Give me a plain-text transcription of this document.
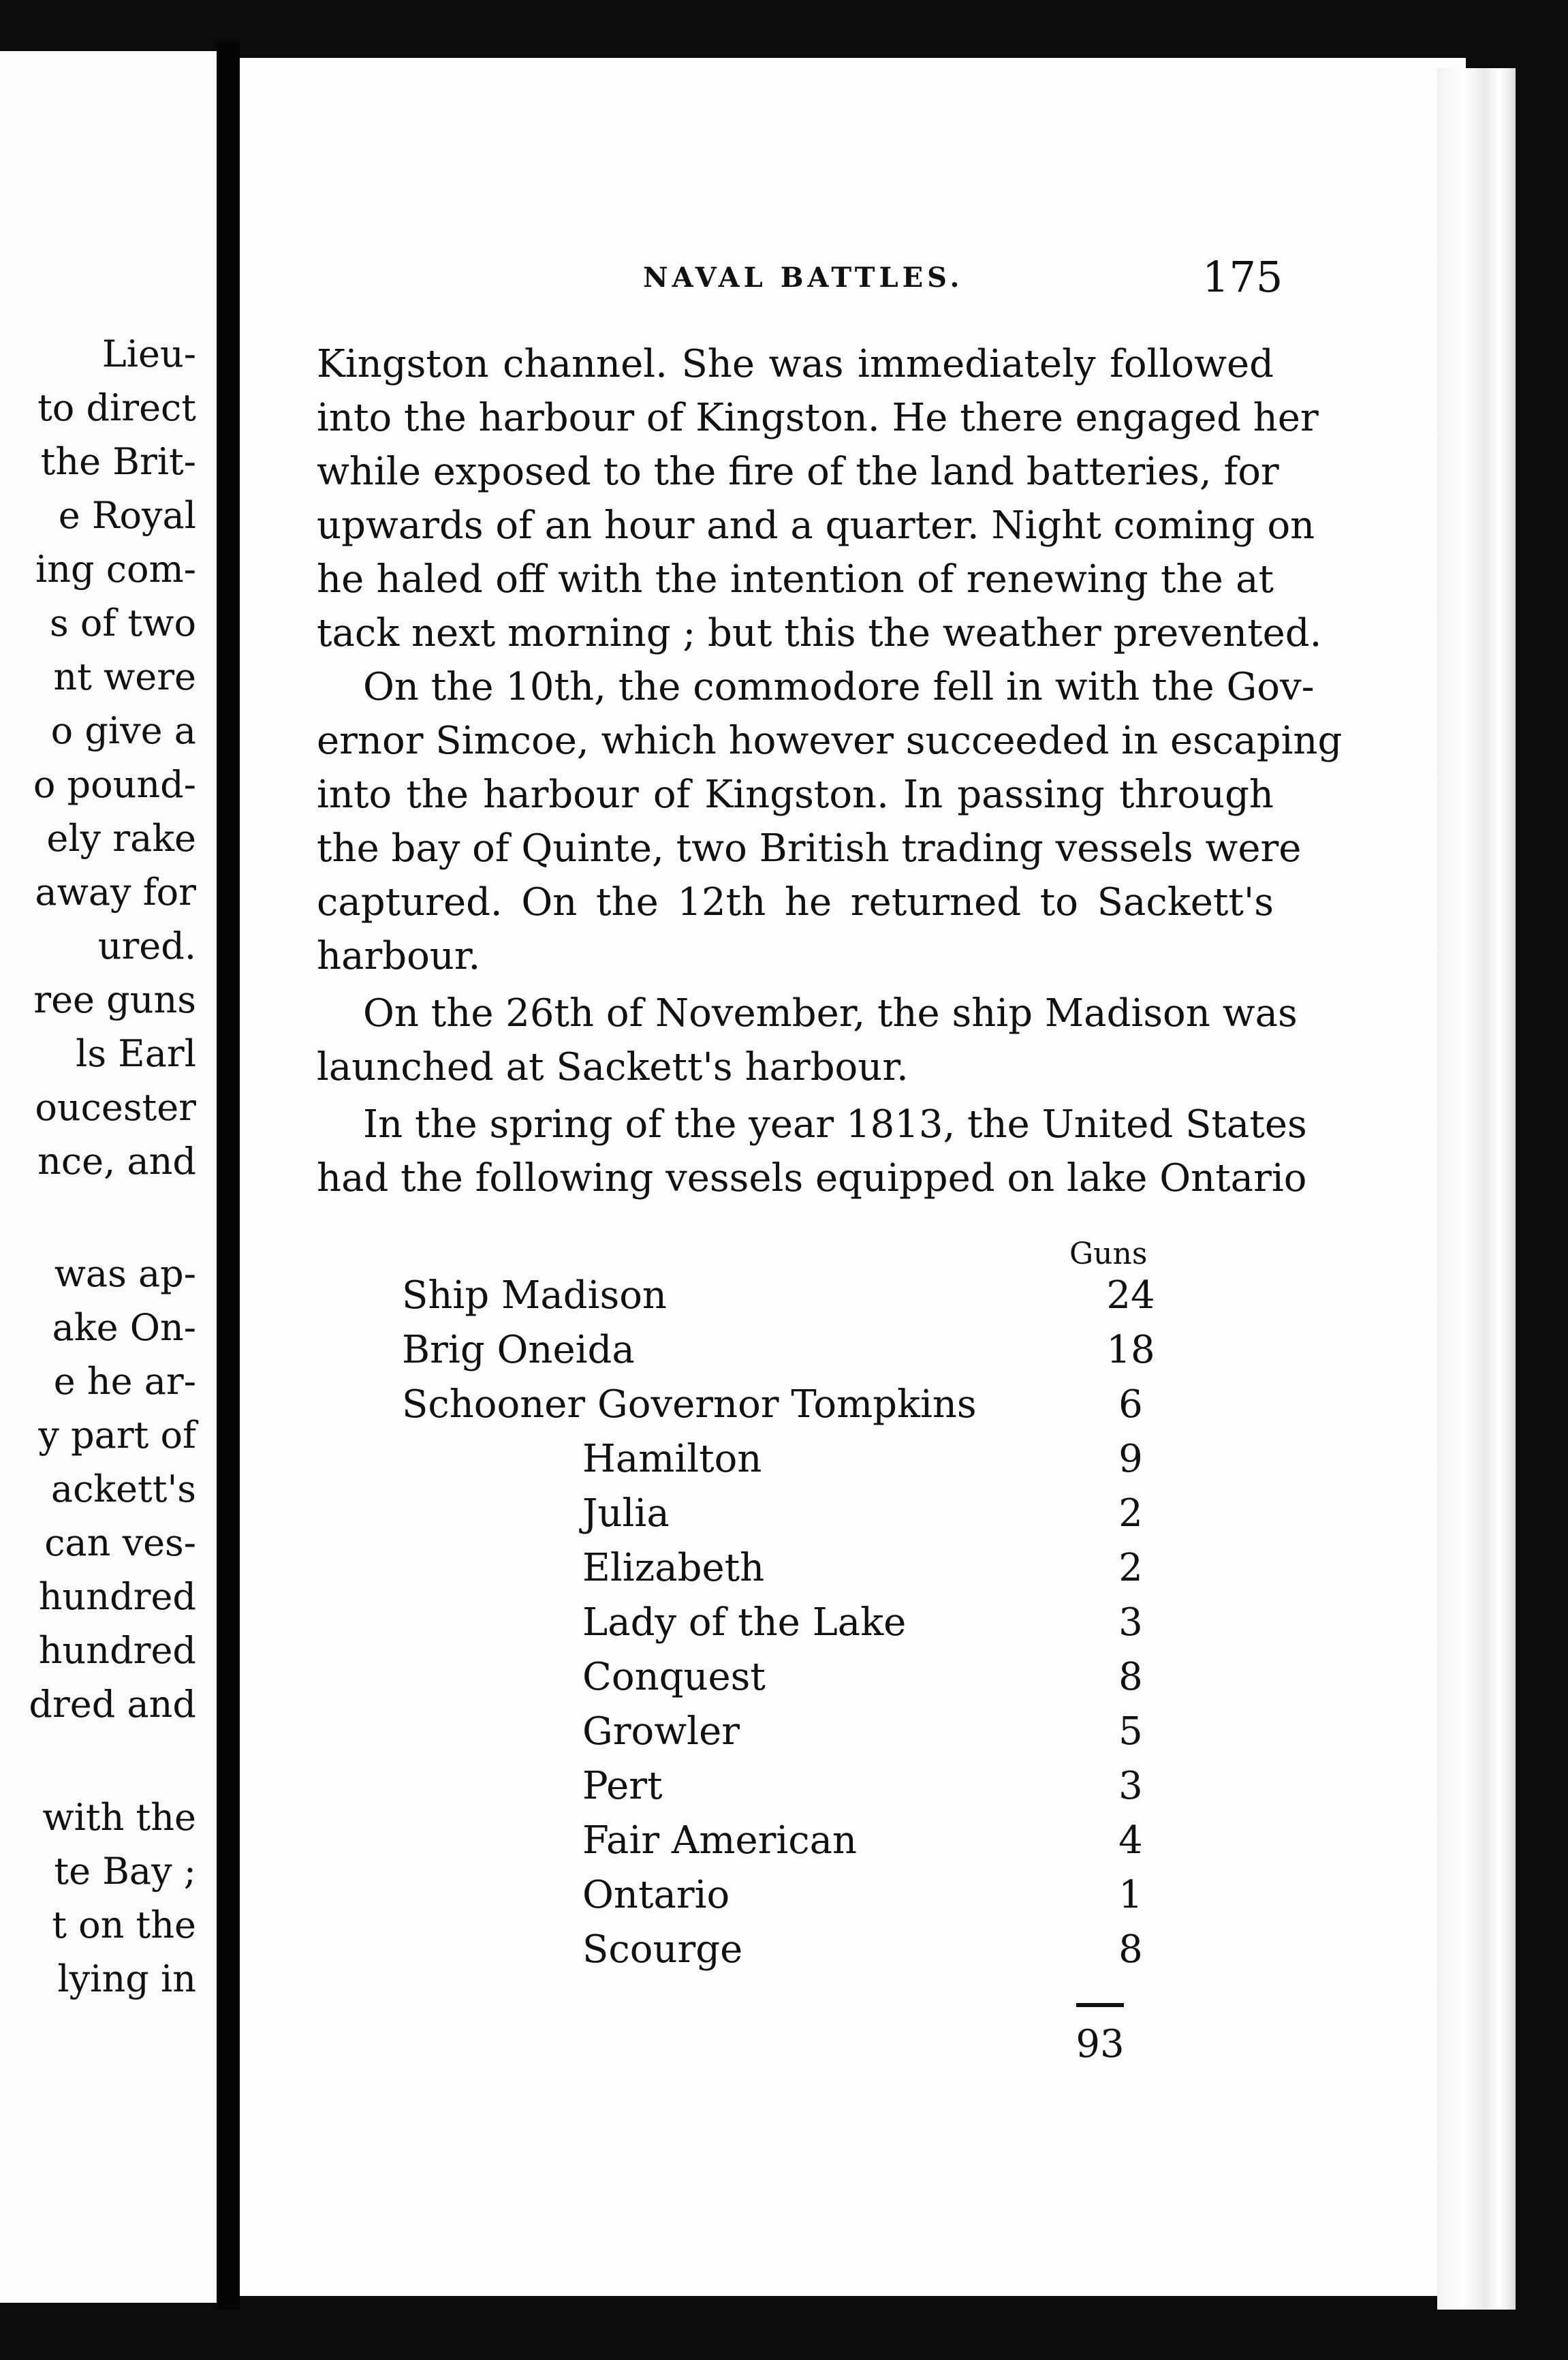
Lieu-
to direct
the Brit-
e Royal
ing com-
s of two
nt were
o give a
o pound-
ely rake
away for
ured.
ree guns
ls Earl
oucester
nce, and
was ap-
ake On-
e he ar-
y part of
ackett's
can ves-
hundred
hundred
dred and
with the
te Bay ;
t on the
lying in
NAVAL BATTLES.	175
Kingston channel. She was immediately followed
into the harbour of Kingston. He there engaged her
while exposed to the fire of the land batteries, for
upwards of an hour and a quarter. Night coming on
he haled off with the intention of renewing the at
tack next morning ; but this the weather prevented.
On the 10th, the commodore fell in with the Gov-
ernor Simcoe, which however succeeded in escaping
into the harbour of Kingston. In passing through
the bay of Quinte, two British trading vessels were
captured. On the 12th he returned to Sackett's
harbour.
On the 26th of November, the ship Madison was
launched at Sackett's harbour.
In the spring of the year 1813, the United States
had the following vessels equipped on lake Ontario
Guns
Ship Madison	24
Brig Oneida	18
Schooner Governor Tompkins	6
Hamilton	9
Julia	2
Elizabeth	2
Lady of the Lake	3
Conquest	8
Growler	5
Pert	3
Fair American	4
Ontario	1
Scourge	8
93
